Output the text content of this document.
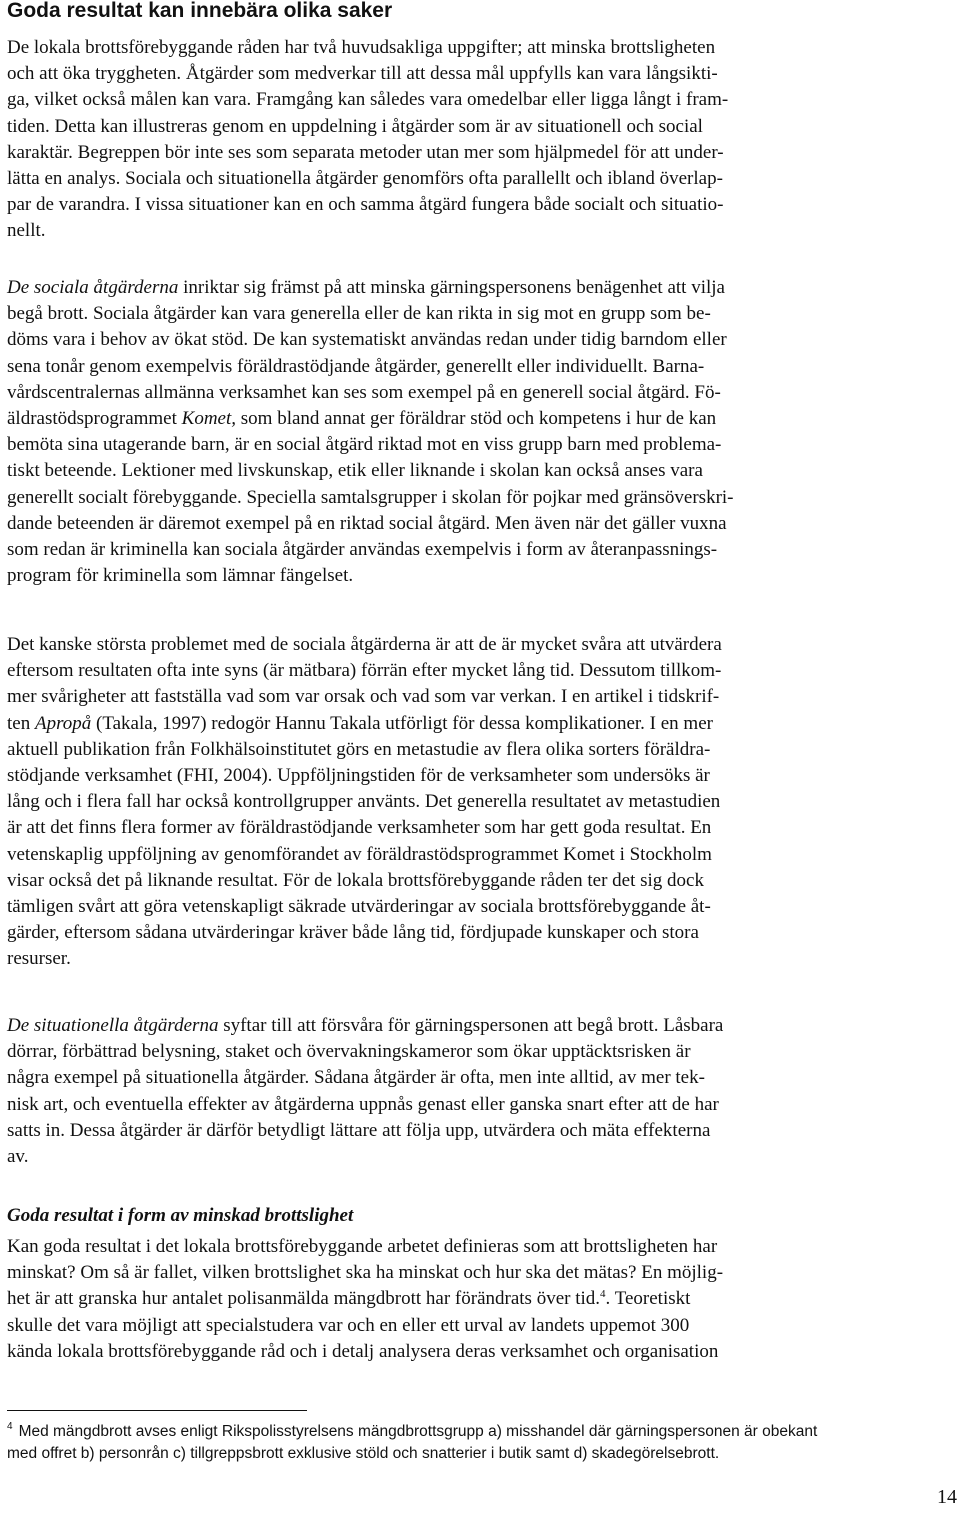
Goda resultat kan innebära olika saker

De lokala brottsförebyggande råden har två huvudsakliga uppgifter; att minska brottsligheten
och att öka tryggheten. Åtgärder som medverkar till att dessa mål uppfylls kan vara långsikti-
ga, vilket också målen kan vara. Framgång kan således vara omedelbar eller ligga långt i fram-
tiden. Detta kan illustreras genom en uppdelning i åtgärder som är av situationell och social
karaktär. Begreppen bör inte ses som separata metoder utan mer som hjälpmedel för att under-
lätta en analys. Sociala och situationella åtgärder genomförs ofta parallellt och ibland överlap-
par de varandra. I vissa situationer kan en och samma åtgärd fungera både socialt och situatio-
nellt.

De sociala åtgärderna inriktar sig främst på att minska gärningspersonens benägenhet att vilja
begå brott. Sociala åtgärder kan vara generella eller de kan rikta in sig mot en grupp som be-
döms vara i behov av ökat stöd. De kan systematiskt användas redan under tidig barndom eller
sena tonår genom exempelvis föräldrastödjande åtgärder, generellt eller individuellt. Barna-
vårdscentralernas allmänna verksamhet kan ses som exempel på en generell social åtgärd. Fö-
äldrastödsprogrammet Komet, som bland annat ger föräldrar stöd och kompetens i hur de kan
bemöta sina utagerande barn, är en social åtgärd riktad mot en viss grupp barn med problema-
tiskt beteende. Lektioner med livskunskap, etik eller liknande i skolan kan också anses vara
generellt socialt förebyggande. Speciella samtalsgrupper i skolan för pojkar med gränsöverskri-
dande beteenden är däremot exempel på en riktad social åtgärd. Men även när det gäller vuxna
som redan är kriminella kan sociala åtgärder användas exempelvis i form av återanpassnings-
program för kriminella som lämnar fängelset.

Det kanske största problemet med de sociala åtgärderna är att de är mycket svåra att utvärdera
eftersom resultaten ofta inte syns (är mätbara) förrän efter mycket lång tid. Dessutom tillkom-
mer svårigheter att fastställa vad som var orsak och vad som var verkan. I en artikel i tidskrif-
ten Apropå (Takala, 1997) redogör Hannu Takala utförligt för dessa komplikationer. I en mer
aktuell publikation från Folkhälsoinstitutet görs en metastudie av flera olika sorters föräldra-
stödjande verksamhet (FHI, 2004). Uppföljningstiden för de verksamheter som undersöks är
lång och i flera fall har också kontrollgrupper använts. Det generella resultatet av metastudien
är att det finns flera former av föräldrastödjande verksamheter som har gett goda resultat. En
vetenskaplig uppföljning av genomförandet av föräldrastödsprogrammet Komet i Stockholm
visar också det på liknande resultat. För de lokala brottsförebyggande råden ter det sig dock
tämligen svårt att göra vetenskapligt säkrade utvärderingar av sociala brottsförebyggande åt-
gärder, eftersom sådana utvärderingar kräver både lång tid, fördjupade kunskaper och stora
resurser.

De situationella åtgärderna syftar till att försvåra för gärningspersonen att begå brott. Låsbara
dörrar, förbättrad belysning, staket och övervakningskameror som ökar upptäcktsrisken är
några exempel på situationella åtgärder. Sådana åtgärder är ofta, men inte alltid, av mer tek-
nisk art, och eventuella effekter av åtgärderna uppnås genast eller ganska snart efter att de har
satts in. Dessa åtgärder är därför betydligt lättare att följa upp, utvärdera och mäta effekterna
av.

Goda resultat i form av minskad brottslighet

Kan goda resultat i det lokala brottsförebyggande arbetet definieras som att brottsligheten har
minskat? Om så är fallet, vilken brottslighet ska ha minskat och hur ska det mätas? En möjlig-
het är att granska hur antalet polisanmälda mängdbrott har förändrats över tid.$^4$. Teoretiskt
skulle det vara möjligt att specialstudera var och en eller ett urval av landets uppemot 300
kända lokala brottsförebyggande råd och i detalj analysera deras verksamhet och organisation

$^4$ Med mängdbrott avses enligt Rikspolisstyrelsens mängdbrottsgrupp a) misshandel där gärningspersonen är obekant
med offret b) personrån c) tillgreppsbrott exklusive stöld och snatterier i butik samt d) skadegörelsebrott.

14
